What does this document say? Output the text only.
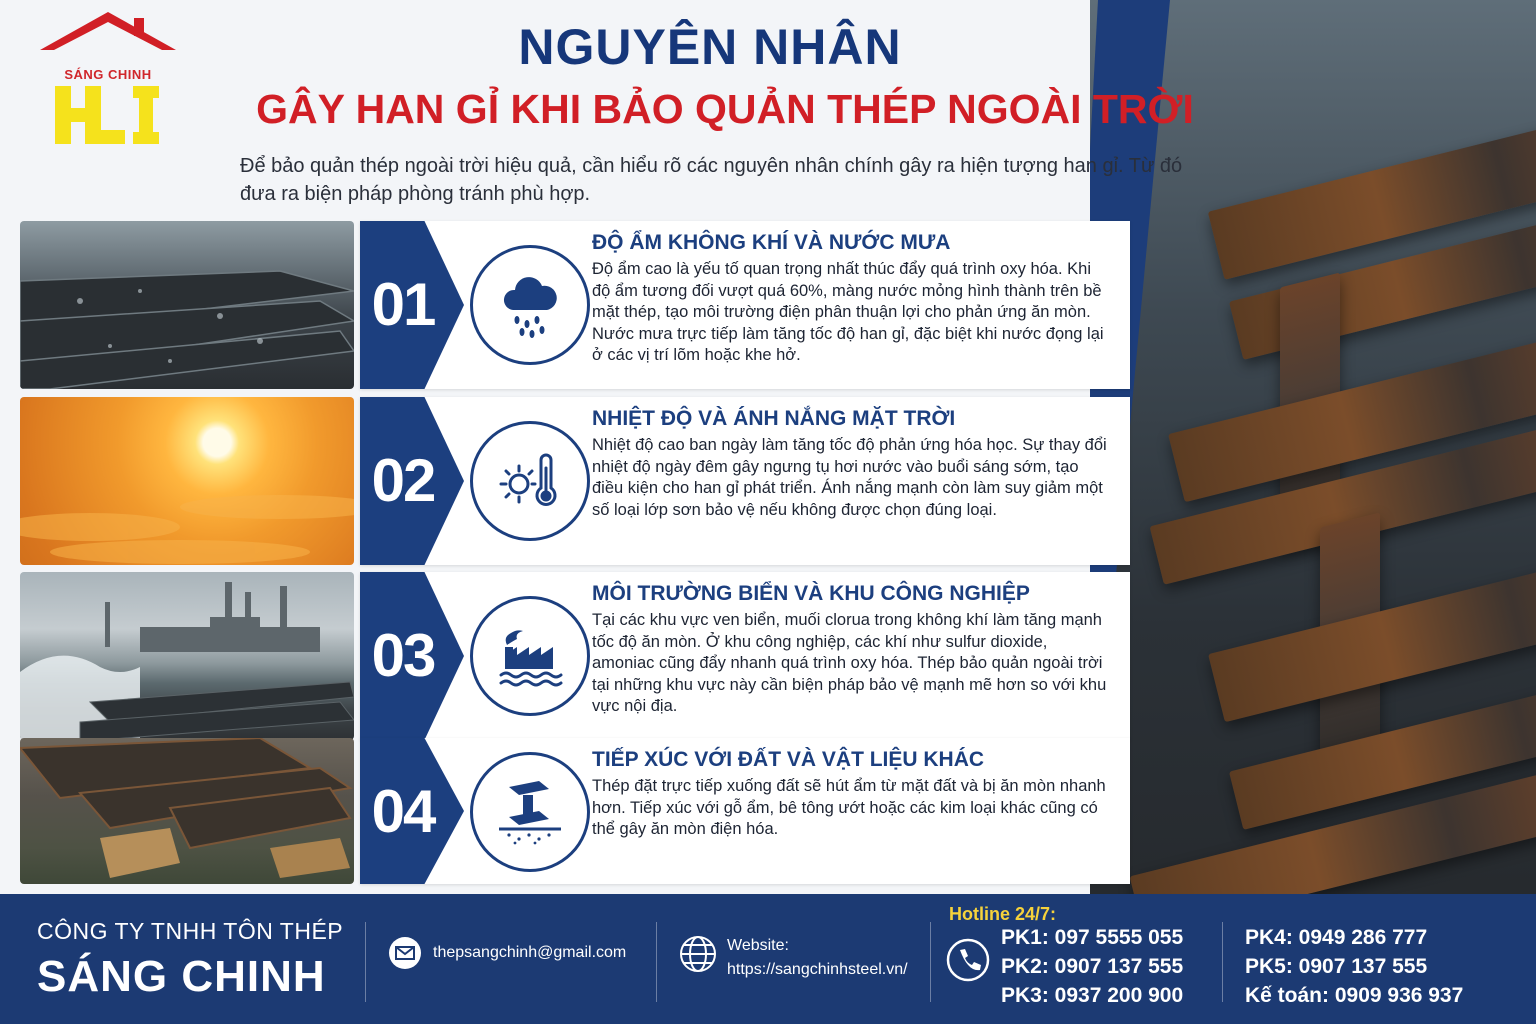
SÁNG CHINH	NGUYÊN NHÂN
GÂY HAN GỈ KHI BẢO QUẢN THÉP NGOÀI TRỜI
Để bảo quản thép ngoài trời hiệu quả, cần hiểu rõ các nguyên nhân chính gây ra hiện tượng han gỉ. Từ đó đưa ra biện pháp phòng tránh phù hợp.
01
ĐỘ ẨM KHÔNG KHÍ VÀ NƯỚC MƯA
Độ ẩm cao là yếu tố quan trọng nhất thúc đẩy quá trình oxy hóa. Khi độ ẩm tương đối vượt quá 60%, màng nước mỏng hình thành trên bề mặt thép, tạo môi trường điện phân thuận lợi cho phản ứng ăn mòn. Nước mưa trực tiếp làm tăng tốc độ han gỉ, đặc biệt khi nước đọng lại ở các vị trí lõm hoặc khe hở.
02
NHIỆT ĐỘ VÀ ÁNH NẮNG MẶT TRỜI
Nhiệt độ cao ban ngày làm tăng tốc độ phản ứng hóa học. Sự thay đổi nhiệt độ ngày đêm gây ngưng tụ hơi nước vào buổi sáng sớm, tạo điều kiện cho han gỉ phát triển. Ánh nắng mạnh còn làm suy giảm một số loại lớp sơn bảo vệ nếu không được chọn đúng loại.
03
MÔI TRƯỜNG BIỂN VÀ KHU CÔNG NGHIỆP
Tại các khu vực ven biển, muối clorua trong không khí làm tăng mạnh tốc độ ăn mòn. Ở khu công nghiệp, các khí như sulfur dioxide, amoniac cũng đẩy nhanh quá trình oxy hóa. Thép bảo quản ngoài trời tại những khu vực này cần biện pháp bảo vệ mạnh mẽ hơn so với khu vực nội địa.
04
TIẾP XÚC VỚI ĐẤT VÀ VẬT LIỆU KHÁC
Thép đặt trực tiếp xuống đất sẽ hút ẩm từ mặt đất và bị ăn mòn nhanh hơn. Tiếp xúc với gỗ ẩm, bê tông ướt hoặc các kim loại khác cũng có thể gây ăn mòn điện hóa.
CÔNG TY TNHH TÔN THÉP
SÁNG CHINH	thepsangchinh@gmail.com	Website:
https://sangchinhsteel.vn/
Hotline 24/7:
PK1: 097 5555 055
PK2: 0907 137 555
PK3: 0937 200 900
PK4: 0949 286 777
PK5: 0907 137 555
Kế toán: 0909 936 937
